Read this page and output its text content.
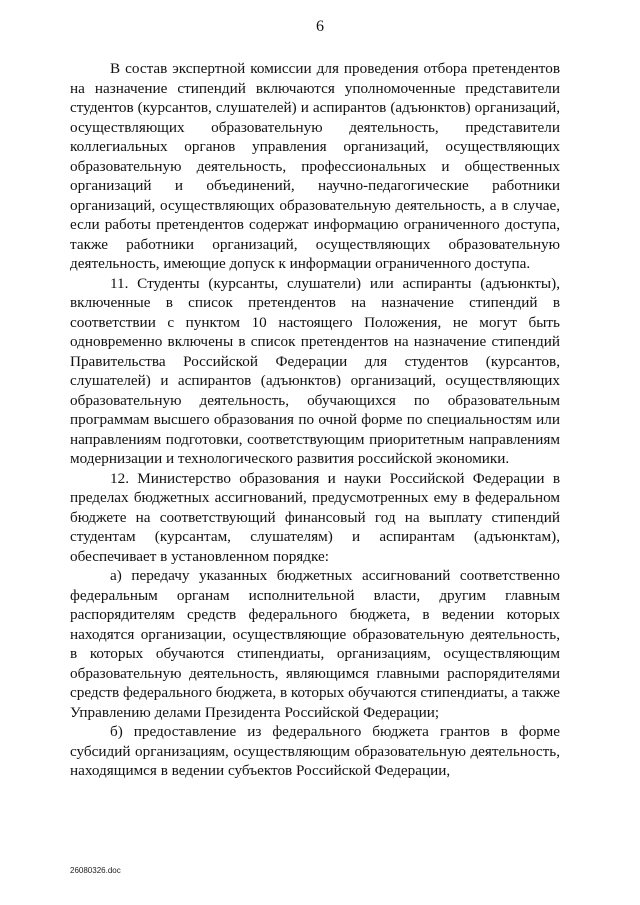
6

В состав экспертной комиссии для проведения отбора претендентов на назначение стипендий включаются уполномоченные представители студентов (курсантов, слушателей) и аспирантов (адъюнктов) организаций, осуществляющих образовательную деятельность, представители коллегиальных органов управления организаций, осуществляющих образовательную деятельность, профессиональных и общественных организаций и объединений, научно-педагогические работники организаций, осуществляющих образовательную деятельность, а в случае, если работы претендентов содержат информацию ограниченного доступа, также работники организаций, осуществляющих образовательную деятельность, имеющие допуск к информации ограниченного доступа.

11. Студенты (курсанты, слушатели) или аспиранты (адъюнкты), включенные в список претендентов на назначение стипендий в соответствии с пунктом 10 настоящего Положения, не могут быть одновременно включены в список претендентов на назначение стипендий Правительства Российской Федерации для студентов (курсантов, слушателей) и аспирантов (адъюнктов) организаций, осуществляющих образовательную деятельность, обучающихся по образовательным программам высшего образования по очной форме по специальностям или направлениям подготовки, соответствующим приоритетным направлениям модернизации и технологического развития российской экономики.

12. Министерство образования и науки Российской Федерации в пределах бюджетных ассигнований, предусмотренных ему в федеральном бюджете на соответствующий финансовый год на выплату стипендий студентам (курсантам, слушателям) и аспирантам (адъюнктам), обеспечивает в установленном порядке:

а) передачу указанных бюджетных ассигнований соответственно федеральным органам исполнительной власти, другим главным распорядителям средств федерального бюджета, в ведении которых находятся организации, осуществляющие образовательную деятельность, в которых обучаются стипендиаты, организациям, осуществляющим образовательную деятельность, являющимся главными распорядителями средств федерального бюджета, в которых обучаются стипендиаты, а также Управлению делами Президента Российской Федерации;

б) предоставление из федерального бюджета грантов в форме субсидий организациям, осуществляющим образовательную деятельность, находящимся в ведении субъектов Российской Федерации,

26080326.doc
